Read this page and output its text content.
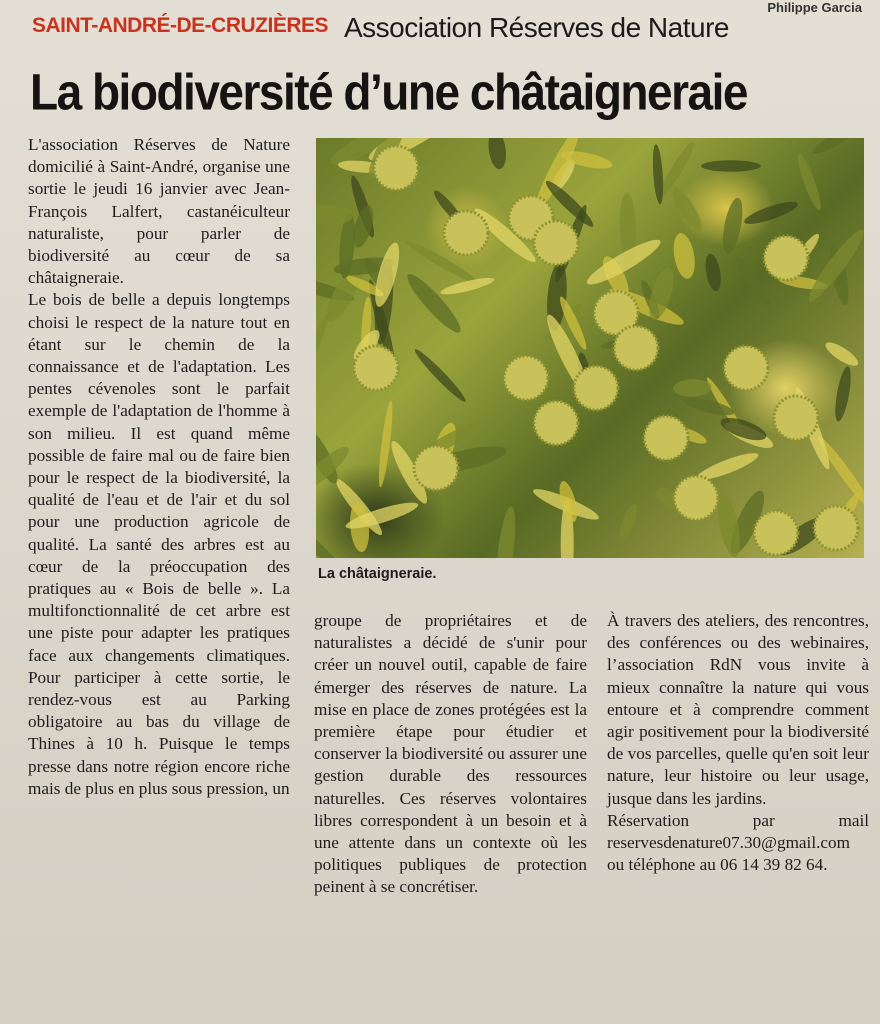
Philippe Garcia
SAINT-ANDRÉ-DE-CRUZIÈRES Association Réserves de Nature
La biodiversité d’une châtaigneraie

L'association Réserves de Nature domicilié à Saint-André, organise une sortie le jeudi 16 janvier avec Jean-François Lalfert, castanéiculteur naturaliste, pour parler de biodiversité au cœur de sa châtaigneraie.

Le bois de belle a depuis longtemps choisi le respect de la nature tout en étant sur le chemin de la connaissance et de l'adaptation. Les pentes cévenoles sont le parfait exemple de l'adaptation de l'homme à son milieu. Il est quand même possible de faire mal ou de faire bien pour le respect de la biodiversité, la qualité de l'eau et de l'air et du sol pour une production agricole de qualité. La santé des arbres est au cœur de la préoccupation des pratiques au « Bois de belle ». La multifonctionnalité de cet arbre est une piste pour adapter les pratiques face aux changements climatiques. Pour participer à cette sortie, le rendez-vous est au Parking obligatoire au bas du village de Thines à 10 h. Puisque le temps presse dans notre région encore riche mais de plus en plus sous pression, un

La châtaigneraie.

groupe de propriétaires et de naturalistes a décidé de s'unir pour créer un nouvel outil, capable de faire émerger des réserves de nature. La mise en place de zones protégées est la première étape pour étudier et conserver la biodiversité ou assurer une gestion durable des ressources naturelles. Ces réserves volontaires libres correspondent à un besoin et à une attente dans un contexte où les politiques publiques de protection peinent à se concrétiser.

À travers des ateliers, des rencontres, des conférences ou des webinaires, l’association RdN vous invite à mieux connaître la nature qui vous entoure et à comprendre comment agir positivement pour la biodiversité de vos parcelles, quelle qu'en soit leur nature, leur histoire ou leur usage, jusque dans les jardins.

Réservation par mail reservesdenature07.30@gmail.com ou téléphone au 06 14 39 82 64.
